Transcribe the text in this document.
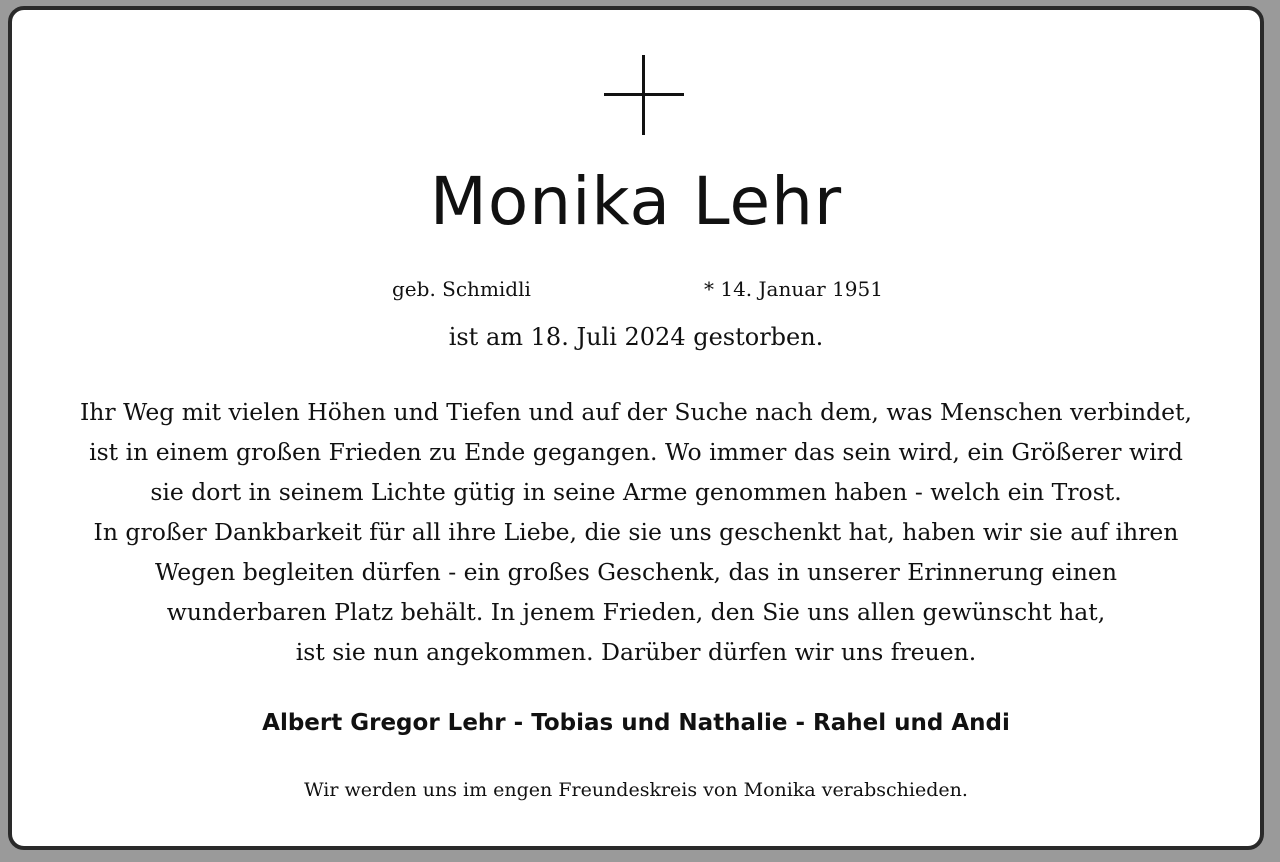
Monika Lehr
geb. Schmidli	* 14. Januar 1951
ist am 18. Juli 2024 gestorben.
Ihr Weg mit vielen Höhen und Tiefen und auf der Suche nach dem, was Menschen verbindet,
ist in einem großen Frieden zu Ende gegangen. Wo immer das sein wird, ein Größerer wird
sie dort in seinem Lichte gütig in seine Arme genommen haben - welch ein Trost.
In großer Dankbarkeit für all ihre Liebe, die sie uns geschenkt hat, haben wir sie auf ihren
Wegen begleiten dürfen - ein großes Geschenk, das in unserer Erinnerung einen
wunderbaren Platz behält. In jenem Frieden, den Sie uns allen gewünscht hat,
ist sie nun angekommen. Darüber dürfen wir uns freuen.
Albert Gregor Lehr - Tobias und Nathalie - Rahel und Andi
Wir werden uns im engen Freundeskreis von Monika verabschieden.
